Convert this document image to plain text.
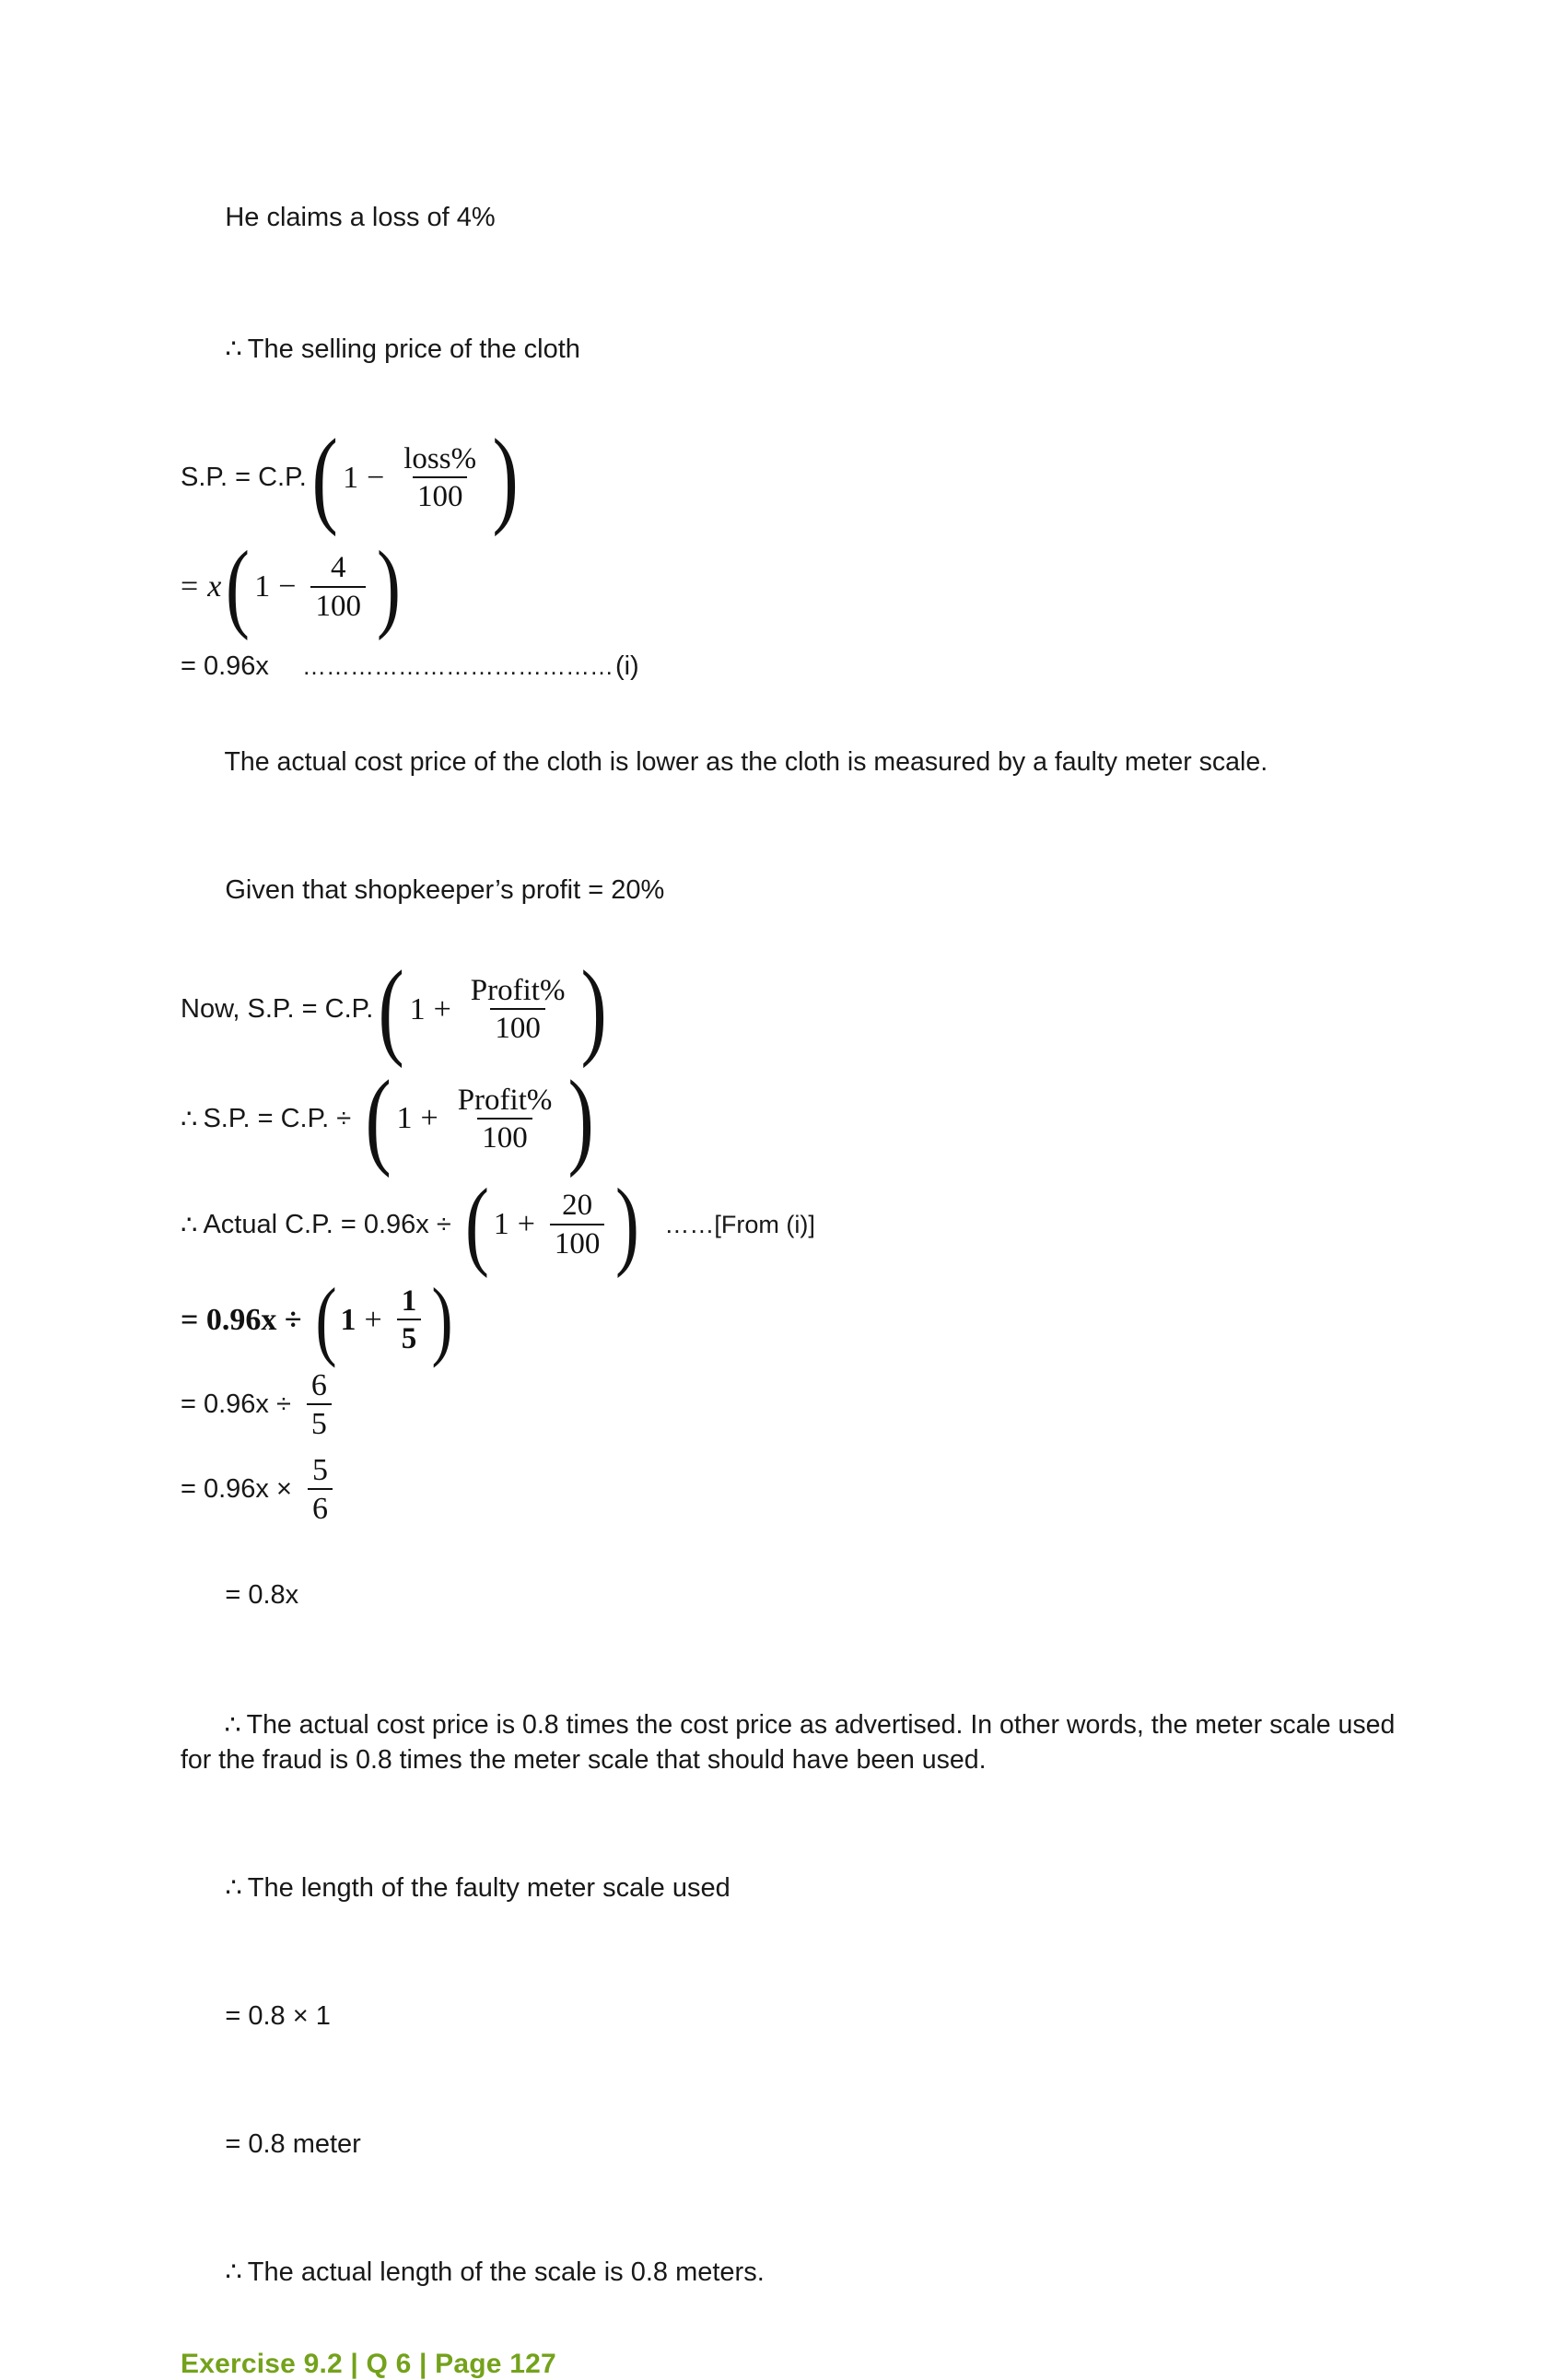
He claims a loss of 4%

∴ The selling price of the cloth

S.P. = C.P. ( $1 - \frac{\text{loss\%}}{100}$ )
= x ( $1 - \frac{4}{100}$ )
= 0.96x ………………………………… (i)

The actual cost price of the cloth is lower as the cloth is measured by a faulty meter scale.

Given that shopkeeper’s profit = 20%

Now, S.P. = C.P. ( $1 + \frac{\text{Profit\%}}{100}$ )
∴ S.P. = C.P. ÷ ( $1 + \frac{\text{Profit\%}}{100}$ )
∴ Actual C.P. = 0.96x ÷ ( $1 + \frac{20}{100}$ ) ……[From (i)]
= 0.96x ÷ ( $1 + \frac{1}{5}$ )
= $0.96x \div \frac{6}{5}$
= $0.96x \times \frac{5}{6}$

= 0.8x

∴ The actual cost price is 0.8 times the cost price as advertised. In other words, the meter scale used for the fraud is 0.8 times the meter scale that should have been used.

∴ The length of the faulty meter scale used

= 0.8 × 1

= 0.8 meter

∴ The actual length of the scale is 0.8 meters.

Exercise 9.2 | Q 6 | Page 127
